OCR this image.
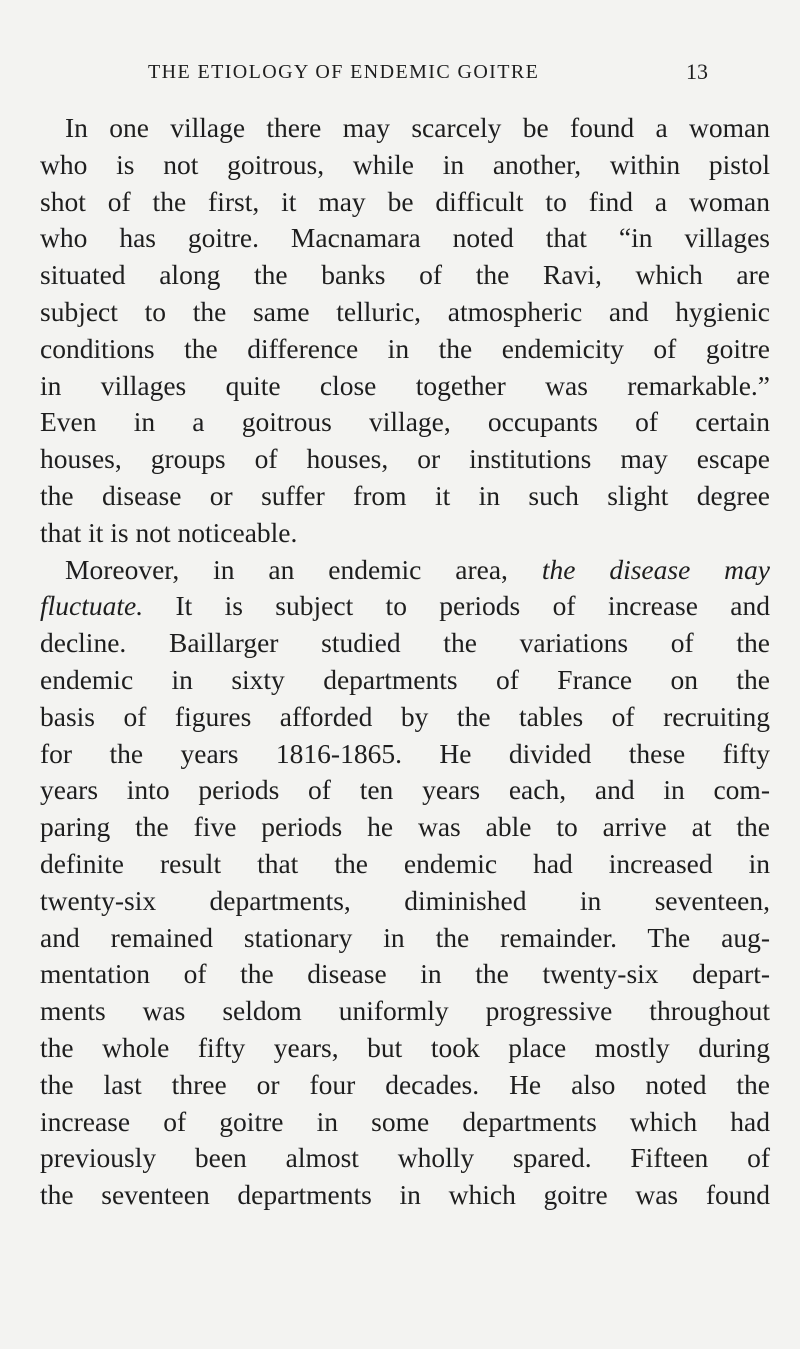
THE ETIOLOGY OF ENDEMIC GOITRE	13
In one village there may scarcely be found a woman
who is not goitrous, while in another, within pistol
shot of the first, it may be difficult to find a woman
who has goitre. Macnamara noted that “in villages
situated along the banks of the Ravi, which are
subject to the same telluric, atmospheric and hygienic
conditions the difference in the endemicity of goitre
in villages quite close together was remarkable.”
Even in a goitrous village, occupants of certain
houses, groups of houses, or institutions may escape
the disease or suffer from it in such slight degree
that it is not noticeable.
Moreover, in an endemic area, the disease may
fluctuate. It is subject to periods of increase and
decline. Baillarger studied the variations of the
endemic in sixty departments of France on the
basis of figures afforded by the tables of recruiting
for the years 1816-1865. He divided these fifty
years into periods of ten years each, and in com-
paring the five periods he was able to arrive at the
definite result that the endemic had increased in
twenty-six departments, diminished in seventeen,
and remained stationary in the remainder. The aug-
mentation of the disease in the twenty-six depart-
ments was seldom uniformly progressive throughout
the whole fifty years, but took place mostly during
the last three or four decades. He also noted the
increase of goitre in some departments which had
previously been almost wholly spared. Fifteen of
the seventeen departments in which goitre was found
